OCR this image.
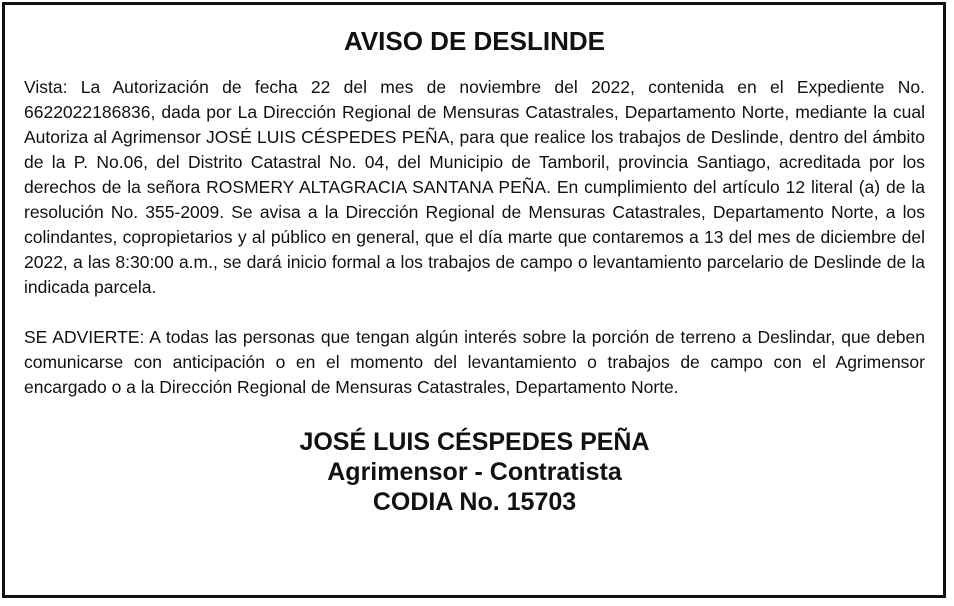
AVISO DE DESLINDE

Vista: La Autorización de fecha 22 del mes de noviembre del 2022, contenida en el Expediente No. 6622022186836, dada por La Dirección Regional de Mensuras Catastrales, Departamento Norte, mediante la cual Autoriza al Agrimensor JOSÉ LUIS CÉSPEDES PEÑA, para que realice los trabajos de Deslinde, dentro del ámbito de la P. No.06, del Distrito Catastral No. 04, del Municipio de Tamboril, provincia Santiago, acreditada por los derechos de la señora ROSMERY ALTAGRACIA SANTANA PEÑA. En cumplimiento del artículo 12 literal (a) de la resolución No. 355-2009. Se avisa a la Dirección Regional de Mensuras Catastrales, Departamento Norte, a los colindantes, copropietarios y al público en general, que el día marte que contaremos a 13 del mes de diciembre del 2022, a las 8:30:00 a.m., se dará inicio formal a los trabajos de campo o levantamiento parcelario de Deslinde de la indicada parcela.

SE ADVIERTE: A todas las personas que tengan algún interés sobre la porción de terreno a Deslindar, que deben comunicarse con anticipación o en el momento del levantamiento o trabajos de campo con el Agrimensor encargado o a la Dirección Regional de Mensuras Catastrales, Departamento Norte.

JOSÉ LUIS CÉSPEDES PEÑA
Agrimensor - Contratista
CODIA No. 15703
